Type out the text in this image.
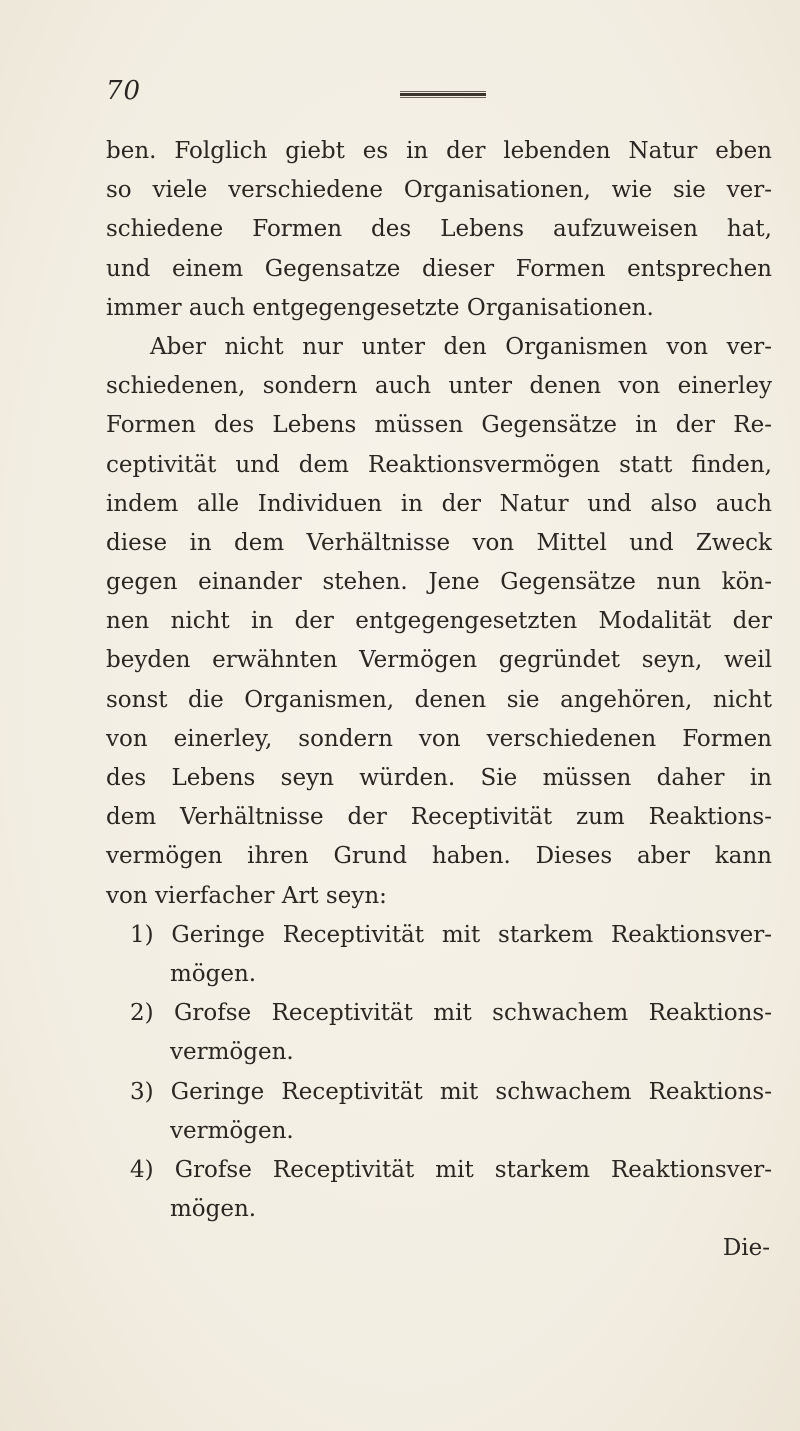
70
ben. Folglich giebt es in der lebenden Natur eben
so viele verschiedene Organisationen, wie sie ver-
schiedene Formen des Lebens aufzuweisen hat,
und einem Gegensatze dieser Formen entsprechen
immer auch entgegengesetzte Organisationen.
Aber nicht nur unter den Organismen von ver-
schiedenen, sondern auch unter denen von einerley
Formen des Lebens müssen Gegensätze in der Re-
ceptivität und dem Reaktionsvermögen statt finden,
indem alle Individuen in der Natur und also auch
diese in dem Verhältnisse von Mittel und Zweck
gegen einander stehen. Jene Gegensätze nun kön-
nen nicht in der entgegengesetzten Modalität der
beyden erwähnten Vermögen gegründet seyn, weil
sonst die Organismen, denen sie angehören, nicht
von einerley, sondern von verschiedenen Formen
des Lebens seyn würden. Sie müssen daher in
dem Verhältnisse der Receptivität zum Reaktions-
vermögen ihren Grund haben. Dieses aber kann
von vierfacher Art seyn:
1) Geringe Receptivität mit starkem Reaktionsver-
mögen.
2) Grofse Receptivität mit schwachem Reaktions-
vermögen.
3) Geringe Receptivität mit schwachem Reaktions-
vermögen.
4) Grofse Receptivität mit starkem Reaktionsver-
mögen.
Die-
